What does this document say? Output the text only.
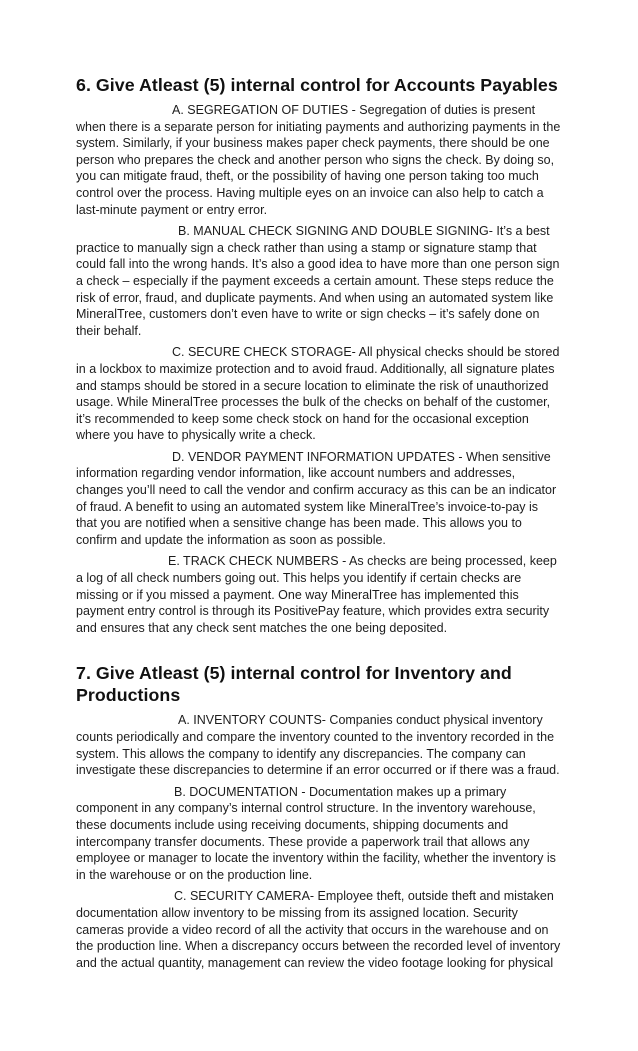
6. Give Atleast (5) internal control for Accounts Payables

A. SEGREGATION OF DUTIES - Segregation of duties is present
when there is a separate person for initiating payments and authorizing payments in the
system. Similarly, if your business makes paper check payments, there should be one
person who prepares the check and another person who signs the check. By doing so,
you can mitigate fraud, theft, or the possibility of having one person taking too much
control over the process. Having multiple eyes on an invoice can also help to catch a
last-minute payment or entry error.

B. MANUAL CHECK SIGNING AND DOUBLE SIGNING- It’s a best
practice to manually sign a check rather than using a stamp or signature stamp that
could fall into the wrong hands. It’s also a good idea to have more than one person sign
a check – especially if the payment exceeds a certain amount. These steps reduce the
risk of error, fraud, and duplicate payments. And when using an automated system like
MineralTree, customers don’t even have to write or sign checks – it’s safely done on
their behalf.

C. SECURE CHECK STORAGE- All physical checks should be stored
in a lockbox to maximize protection and to avoid fraud. Additionally, all signature plates
and stamps should be stored in a secure location to eliminate the risk of unauthorized
usage. While MineralTree processes the bulk of the checks on behalf of the customer,
it’s recommended to keep some check stock on hand for the occasional exception
where you have to physically write a check.

D. VENDOR PAYMENT INFORMATION UPDATES - When sensitive
information regarding vendor information, like account numbers and addresses,
changes you’ll need to call the vendor and confirm accuracy as this can be an indicator
of fraud. A benefit to using an automated system like MineralTree’s invoice-to-pay is
that you are notified when a sensitive change has been made. This allows you to
confirm and update the information as soon as possible.

E. TRACK CHECK NUMBERS - As checks are being processed, keep
a log of all check numbers going out. This helps you identify if certain checks are
missing or if you missed a payment. One way MineralTree has implemented this
payment entry control is through its PositivePay feature, which provides extra security
and ensures that any check sent matches the one being deposited.

7. Give Atleast (5) internal control for Inventory and
Productions

A. INVENTORY COUNTS- Companies conduct physical inventory
counts periodically and compare the inventory counted to the inventory recorded in the
system. This allows the company to identify any discrepancies. The company can
investigate these discrepancies to determine if an error occurred or if there was a fraud.

B. DOCUMENTATION - Documentation makes up a primary
component in any company’s internal control structure. In the inventory warehouse,
these documents include using receiving documents, shipping documents and
intercompany transfer documents. These provide a paperwork trail that allows any
employee or manager to locate the inventory within the facility, whether the inventory is
in the warehouse or on the production line.

C. SECURITY CAMERA- Employee theft, outside theft and mistaken
documentation allow inventory to be missing from its assigned location. Security
cameras provide a video record of all the activity that occurs in the warehouse and on
the production line. When a discrepancy occurs between the recorded level of inventory
and the actual quantity, management can review the video footage looking for physical
